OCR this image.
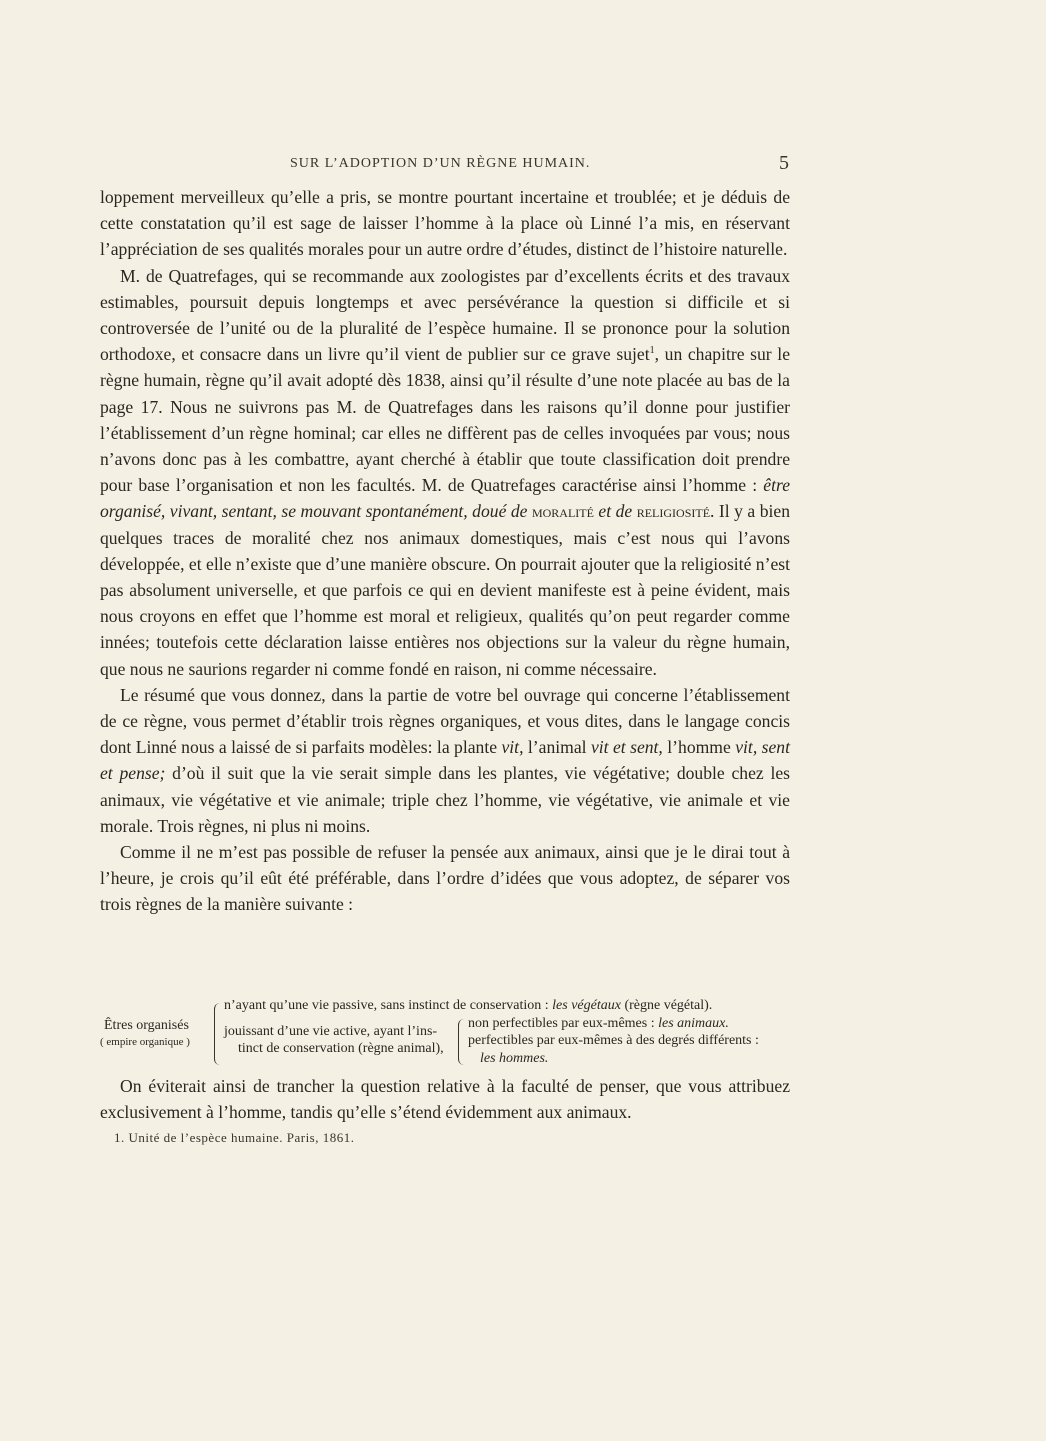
SUR L’ADOPTION D’UN RÈGNE HUMAIN.	5

loppement merveilleux qu’elle a pris, se montre pourtant incertaine et troublée; et je déduis de cette constatation qu’il est sage de laisser l’homme à la place où Linné l’a mis, en réservant l’appréciation de ses qualités morales pour un autre ordre d’études, distinct de l’histoire naturelle.

M. de Quatrefages, qui se recommande aux zoologistes par d’excellents écrits et des travaux estimables, poursuit depuis longtemps et avec persévérance la question si difficile et si controversée de l’unité ou de la pluralité de l’espèce humaine. Il se prononce pour la solution orthodoxe, et consacre dans un livre qu’il vient de publier sur ce grave sujet$^1$, un chapitre sur le règne humain, règne qu’il avait adopté dès 1838, ainsi qu’il résulte d’une note placée au bas de la page 17. Nous ne suivrons pas M. de Quatrefages dans les raisons qu’il donne pour justifier l’établissement d’un règne hominal; car elles ne diffèrent pas de celles invoquées par vous; nous n’avons donc pas à les combattre, ayant cherché à établir que toute classification doit prendre pour base l’organisation et non les facultés. M. de Quatrefages caractérise ainsi l’homme : être organisé, vivant, sentant, se mouvant spontanément, doué de moralité et de religiosité. Il y a bien quelques traces de moralité chez nos animaux domestiques, mais c’est nous qui l’avons développée, et elle n’existe que d’une manière obscure. On pourrait ajouter que la religiosité n’est pas absolument universelle, et que parfois ce qui en devient manifeste est à peine évident, mais nous croyons en effet que l’homme est moral et religieux, qualités qu’on peut regarder comme innées; toutefois cette déclaration laisse entières nos objections sur la valeur du règne humain, que nous ne saurions regarder ni comme fondé en raison, ni comme nécessaire.

Le résumé que vous donnez, dans la partie de votre bel ouvrage qui concerne l’établissement de ce règne, vous permet d’établir trois règnes organiques, et vous dites, dans le langage concis dont Linné nous a laissé de si parfaits modèles: la plante vit, l’animal vit et sent, l’homme vit, sent et pense; d’où il suit que la vie serait simple dans les plantes, vie végétative; double chez les animaux, vie végétative et vie animale; triple chez l’homme, vie végétative, vie animale et vie morale. Trois règnes, ni plus ni moins.

Comme il ne m’est pas possible de refuser la pensée aux animaux, ainsi que je le dirai tout à l’heure, je crois qu’il eût été préférable, dans l’ordre d’idées que vous adoptez, de séparer vos trois règnes de la manière suivante :

Êtres organisés
( empire organique )
n’ayant qu’une vie passive, sans instinct de conservation : les végétaux (règne végétal).
jouissant d’une vie active, ayant l’ins-
tinct de conservation (règne animal),
non perfectibles par eux-mêmes : les animaux.
perfectibles par eux-mêmes à des degrés différents :
les hommes.

On éviterait ainsi de trancher la question relative à la faculté de penser, que vous attribuez exclusivement à l’homme, tandis qu’elle s’étend évidemment aux animaux.

1. Unité de l’espèce humaine. Paris, 1861.
